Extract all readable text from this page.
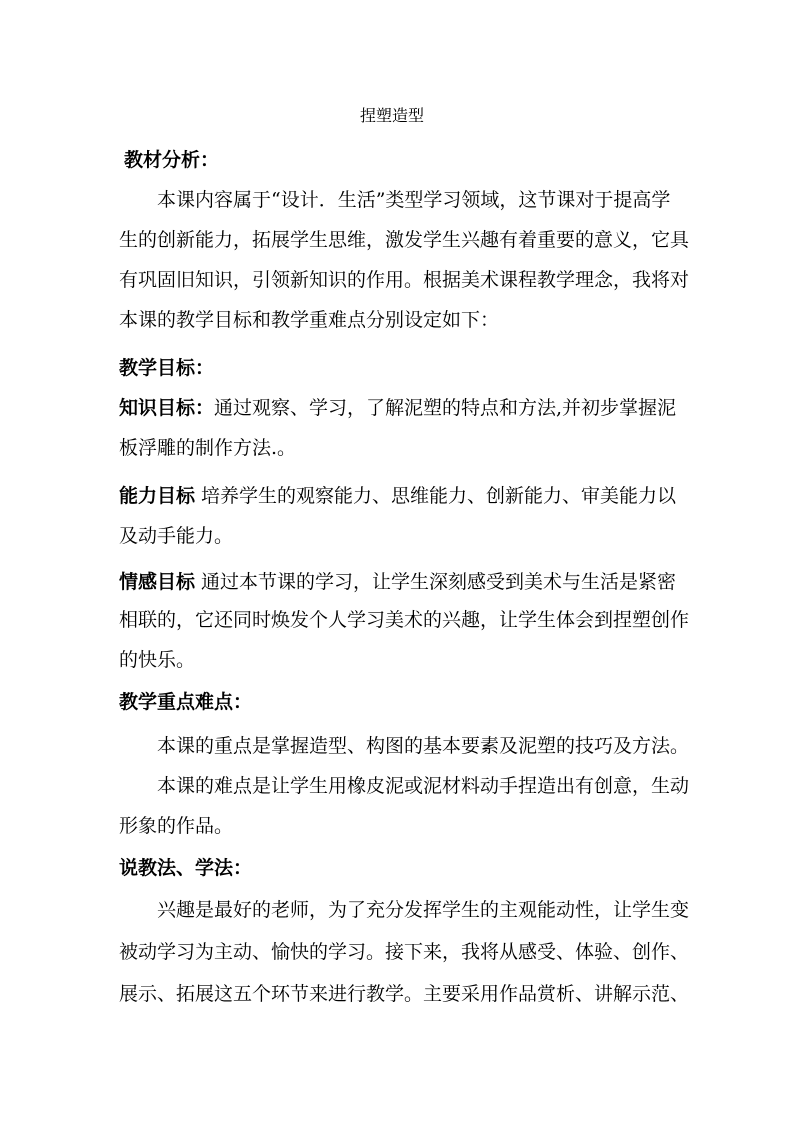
捏塑造型
教材分析：
本课内容属于“设计．生活”类型学习领域，这节课对于提高学
生的创新能力，拓展学生思维，激发学生兴趣有着重要的意义，它具
有巩固旧知识，引领新知识的作用。根据美术课程教学理念，我将对
本课的教学目标和教学重难点分别设定如下：
教学目标：
知识目标：通过观察、学习，了解泥塑的特点和方法,并初步掌握泥
板浮雕的制作方法.。
能力目标 培养学生的观察能力、思维能力、创新能力、审美能力以
及动手能力。
情感目标 通过本节课的学习，让学生深刻感受到美术与生活是紧密
相联的，它还同时焕发个人学习美术的兴趣，让学生体会到捏塑创作
的快乐。
教学重点难点：
本课的重点是掌握造型、构图的基本要素及泥塑的技巧及方法。
本课的难点是让学生用橡皮泥或泥材料动手捏造出有创意，生动
形象的作品。
说教法、学法：
兴趣是最好的老师，为了充分发挥学生的主观能动性，让学生变
被动学习为主动、愉快的学习。接下来，我将从感受、体验、创作、
展示、拓展这五个环节来进行教学。主要采用作品赏析、讲解示范、
